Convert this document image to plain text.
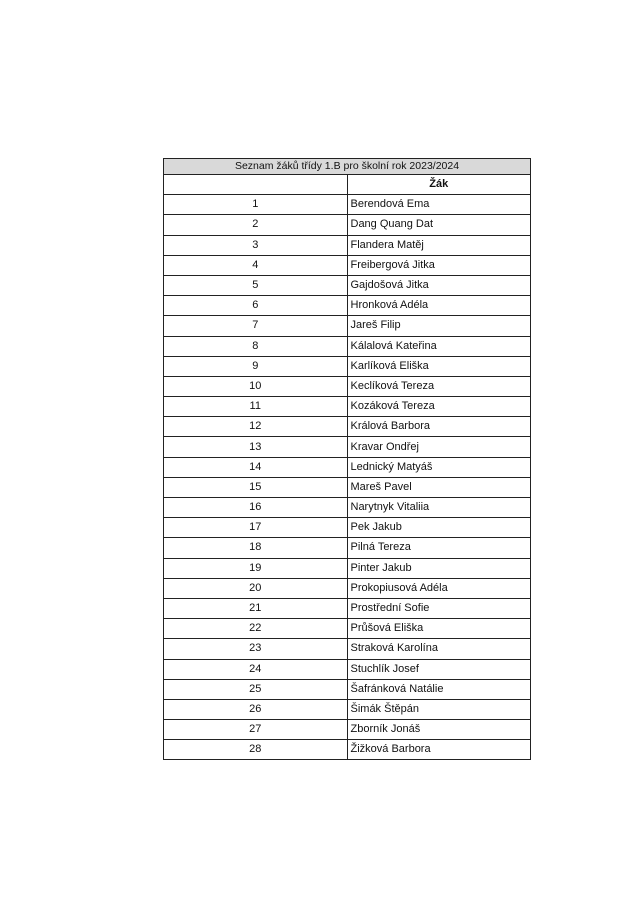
Seznam žáků třídy 1.B pro školní rok 2023/2024	
	Žák
1	Berendová Ema
2	Dang Quang Dat
3	Flandera Matěj
4	Freibergová Jitka
5	Gajdošová Jitka
6	Hronková Adéla
7	Jareš Filip
8	Kálalová Kateřina
9	Karlíková Eliška
10	Keclíková Tereza
11	Kozáková Tereza
12	Králová Barbora
13	Kravar Ondřej
14	Lednický Matyáš
15	Mareš Pavel
16	Narytnyk Vitaliia
17	Pek Jakub
18	Pilná Tereza
19	Pinter Jakub
20	Prokopiusová Adéla
21	Prostřední Sofie
22	Průšová Eliška
23	Straková Karolína
24	Stuchlík Josef
25	Šafránková Natálie
26	Šimák Štěpán
27	Zborník Jonáš
28	Žižková Barbora
